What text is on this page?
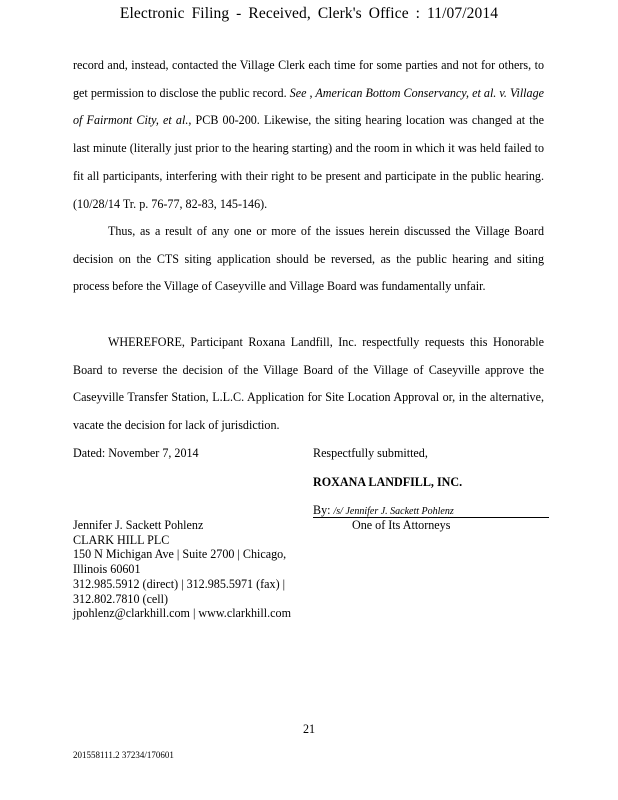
Electronic Filing - Received, Clerk's Office : 11/07/2014

record and, instead, contacted the Village Clerk each time for some parties and not for others, to get permission to disclose the public record. See , American Bottom Conservancy, et al. v. Village of Fairmont City, et al., PCB 00-200. Likewise, the siting hearing location was changed at the last minute (literally just prior to the hearing starting) and the room in which it was held failed to fit all participants, interfering with their right to be present and participate in the public hearing. (10/28/14 Tr. p. 76-77, 82-83, 145-146).

Thus, as a result of any one or more of the issues herein discussed the Village Board decision on the CTS siting application should be reversed, as the public hearing and siting process before the Village of Caseyville and Village Board was fundamentally unfair.

WHEREFORE, Participant Roxana Landfill, Inc. respectfully requests this Honorable Board to reverse the decision of the Village Board of the Village of Caseyville approve the Caseyville Transfer Station, L.L.C. Application for Site Location Approval or, in the alternative, vacate the decision for lack of jurisdiction.

Dated: November 7, 2014	Respectfully submitted,
ROXANA LANDFILL, INC.
By: /s/ Jennifer J. Sackett Pohlenz
One of Its Attorneys
Jennifer J. Sackett Pohlenz
CLARK HILL PLC
150 N Michigan Ave | Suite 2700 | Chicago, Illinois 60601
312.985.5912 (direct) | 312.985.5971 (fax) | 312.802.7810 (cell)
jpohlenz@clarkhill.com | www.clarkhill.com
21
201558111.2 37234/170601
